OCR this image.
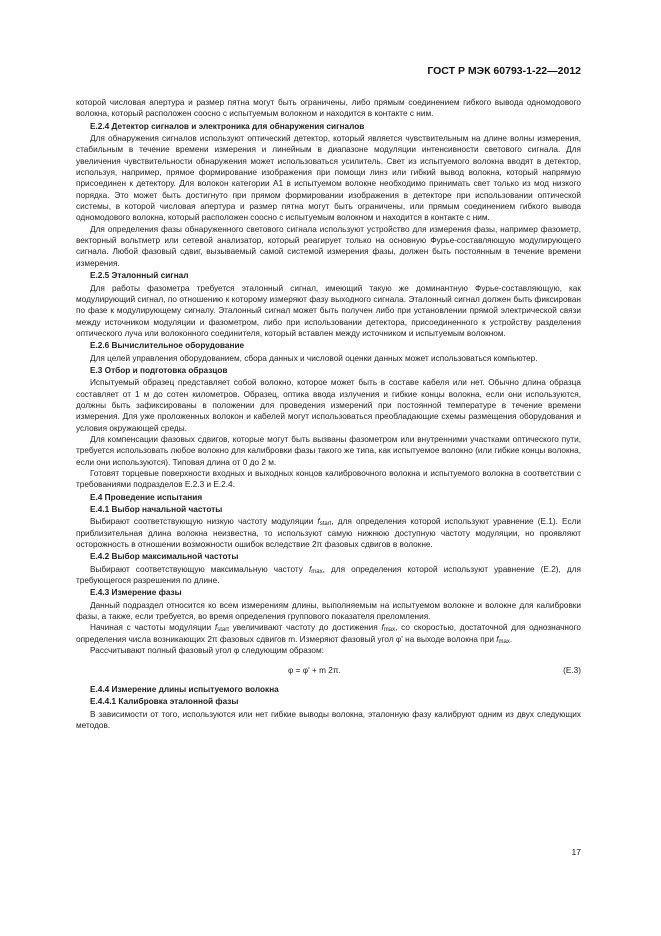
ГОСТ Р МЭК 60793-1-22—2012

которой числовая апертура и размер пятна могут быть ограничены, либо прямым соединением гибкого вывода одномодового волокна, который расположен соосно с испытуемым волокном и находится в контакте с ним.

Е.2.4 Детектор сигналов и электроника для обнаружения сигналов

Для обнаружения сигналов используют оптический детектор, который является чувствительным на длине волны измерения, стабильным в течение времени измерения и линейным в диапазоне модуляции интенсивности светового сигнала. Для увеличения чувствительности обнаружения может использоваться усилитель. Свет из испытуемого волокна вводят в детектор, используя, например, прямое формирование изображения при помощи линз или гибкий вывод волокна, который напрямую присоединен к детектору. Для волокон категории А1 в испытуемом волокне необходимо принимать свет только из мод низкого порядка. Это может быть достигнуто при прямом формировании изображения в детекторе при использовании оптической системы, в которой числовая апертура и размер пятна могут быть ограничены, или прямым соединением гибкого вывода одномодового волокна, который расположен соосно с испытуемым волокном и находится в контакте с ним.

Для определения фазы обнаруженного светового сигнала используют устройство для измерения фазы, например фазометр, векторный вольтметр или сетевой анализатор, который реагирует только на основную Фурье-составляющую модулирующего сигнала. Любой фазовый сдвиг, вызываемый самой системой измерения фазы, должен быть постоянным в течение времени измерения.

Е.2.5 Эталонный сигнал

Для работы фазометра требуется эталонный сигнал, имеющий такую же доминантную Фурье-составляющую, как модулирующий сигнал, по отношению к которому измеряют фазу выходного сигнала. Эталонный сигнал должен быть фиксирован по фазе к модулирующему сигналу. Эталонный сигнал может быть получен либо при установлении прямой электрической связи между источником модуляции и фазометром, либо при использовании детектора, присоединенного к устройству разделения оптического луча или волоконного соединителя, который вставлен между источником и испытуемым волокном.

Е.2.6 Вычислительное оборудование

Для целей управления оборудованием, сбора данных и числовой оценки данных может использоваться компьютер.

Е.3 Отбор и подготовка образцов

Испытуемый образец представляет собой волокно, которое может быть в составе кабеля или нет. Обычно длина образца составляет от 1 м до сотен километров. Образец, оптика ввода излучения и гибкие концы волокна, если они используются, должны быть зафиксированы в положении для проведения измерений при постоянной температуре в течение времени измерения. Для уже проложенных волокон и кабелей могут использоваться преобладающие схемы размещения оборудования и условия окружающей среды.

Для компенсации фазовых сдвигов, которые могут быть вызваны фазометром или внутренними участками оптического пути, требуется использовать любое волокно для калибровки фазы такого же типа, как испытуемое волокно (или гибкие концы волокна, если они используются). Типовая длина от 0 до 2 м.

Готовят торцевые поверхности входных и выходных концов калибровочного волокна и испытуемого волокна в соответствии с требованиями подразделов Е.2.3 и Е.2.4.

Е.4 Проведение испытания

Е.4.1 Выбор начальной частоты

Выбирают соответствующую низкую частоту модуляции $f_{start}$, для определения которой используют уравнение (Е.1). Если приблизительная длина волокна неизвестна, то используют самую нижнюю доступную частоту модуляции, но проявляют осторожность в отношении возможности ошибок вследствие 2π фазовых сдвигов в волокне.

Е.4.2 Выбор максимальной частоты

Выбирают соответствующую максимальную частоту $f_{max}$, для определения которой используют уравнение (Е.2), для требующегося разрешения по длине.

Е.4.3 Измерение фазы

Данный подраздел относится ко всем измерениям длины, выполняемым на испытуемом волокне и волокне для калибровки фазы, а также, если требуется, во время определения группового показателя преломления.

Начиная с частоты модуляции $f_{start}$ увеличивают частоту до достижения $f_{max}$, со скоростью, достаточной для однозначного определения числа возникающих 2π фазовых сдвигов m. Измеряют фазовый угол φ' на выходе волокна при $f_{max}$.

Рассчитывают полный фазовый угол φ следующим образом:

φ = φ' + m 2π.	(Е.3)

Е.4.4 Измерение длины испытуемого волокна

Е.4.4.1 Калибровка эталонной фазы

В зависимости от того, используются или нет гибкие выводы волокна, эталонную фазу калибруют одним из двух следующих методов.

17
